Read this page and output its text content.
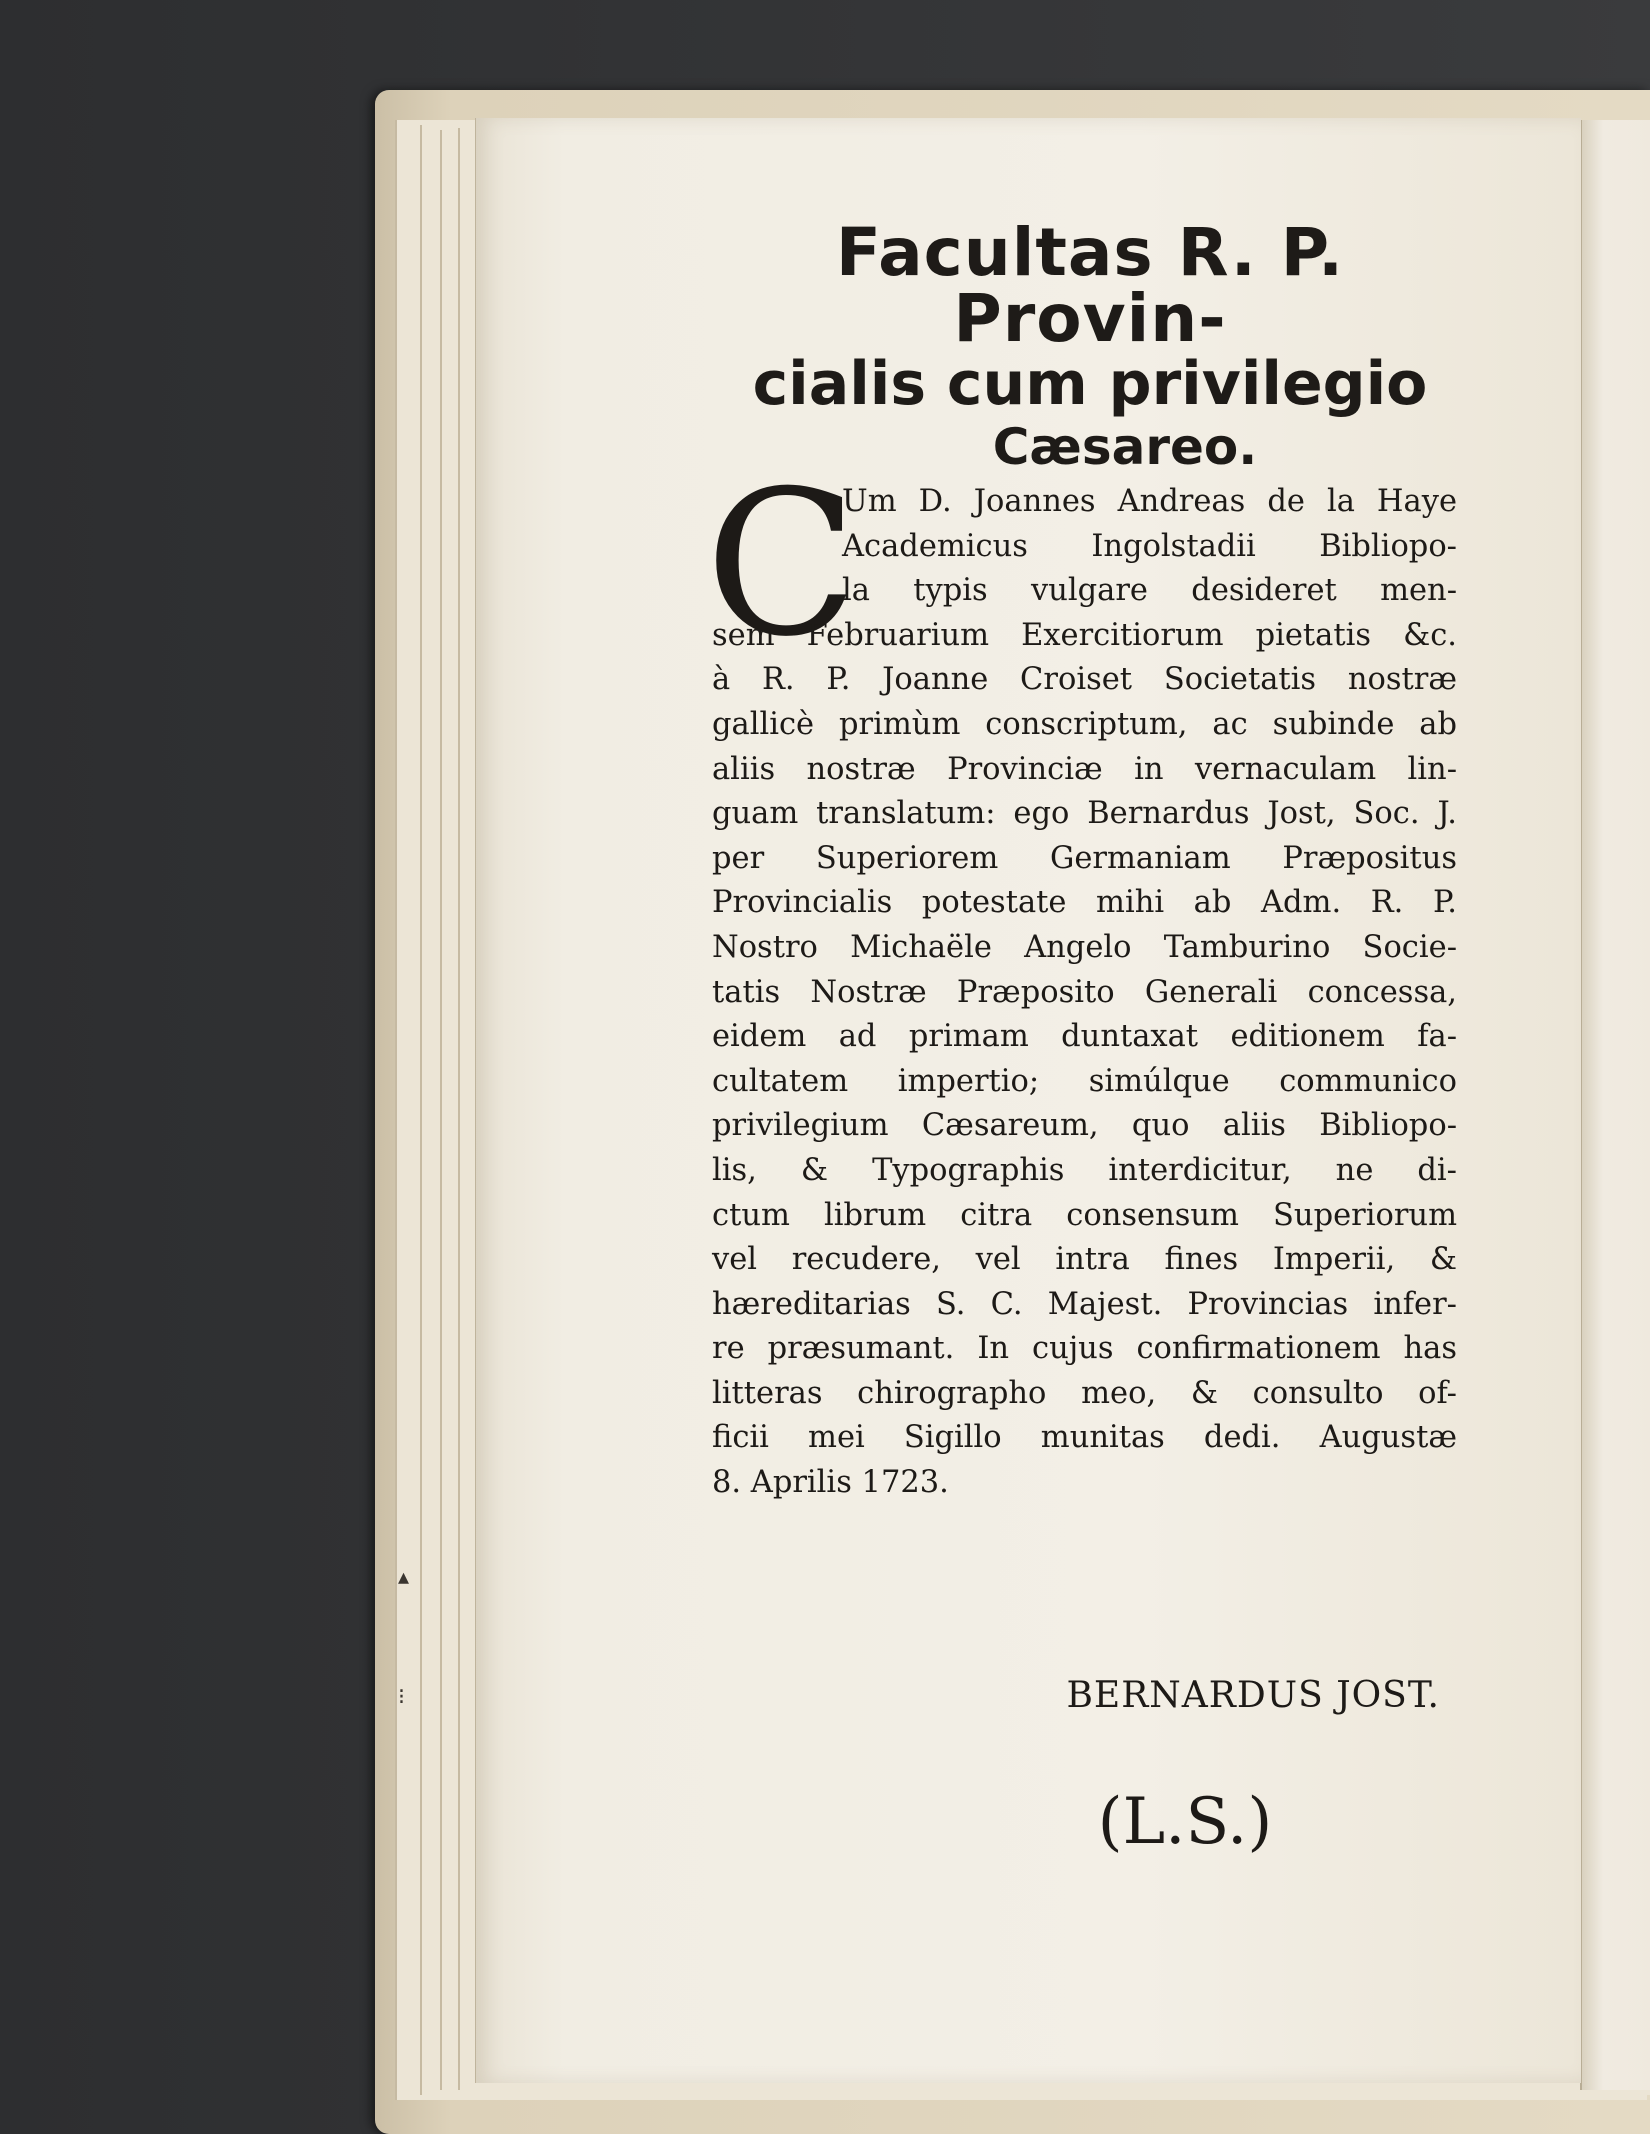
▴
⁝
Facultas R. P. Provin-
cialis cum privilegio
Cæsareo.
C
Um D. Joannes Andreas de la Haye
Academicus Ingolstadii Bibliopo-
la typis vulgare desideret men-
sem Februarium Exercitiorum pietatis &c.
à R. P. Joanne Croiset Societatis nostræ
gallicè primùm conscriptum, ac subinde ab
aliis nostræ Provinciæ in vernaculam lin-
guam translatum: ego Bernardus Jost, Soc. J.
per Superiorem Germaniam Præpositus
Provincialis potestate mihi ab Adm. R. P.
Nostro Michaële Angelo Tamburino Socie-
tatis Nostræ Præposito Generali concessa,
eidem ad primam duntaxat editionem fa-
cultatem impertio; simúlque communico
privilegium Cæsareum, quo aliis Bibliopo-
lis, & Typographis interdicitur, ne di-
ctum librum citra consensum Superiorum
vel recudere, vel intra fines Imperii, &
hæreditarias S. C. Majest. Provincias infer-
re præsumant. In cujus confirmationem has
litteras chirographo meo, & consulto of-
ficii mei Sigillo munitas dedi. Augustæ
8. Aprilis 1723.
BERNARDUS JOST.
(L.S.)
